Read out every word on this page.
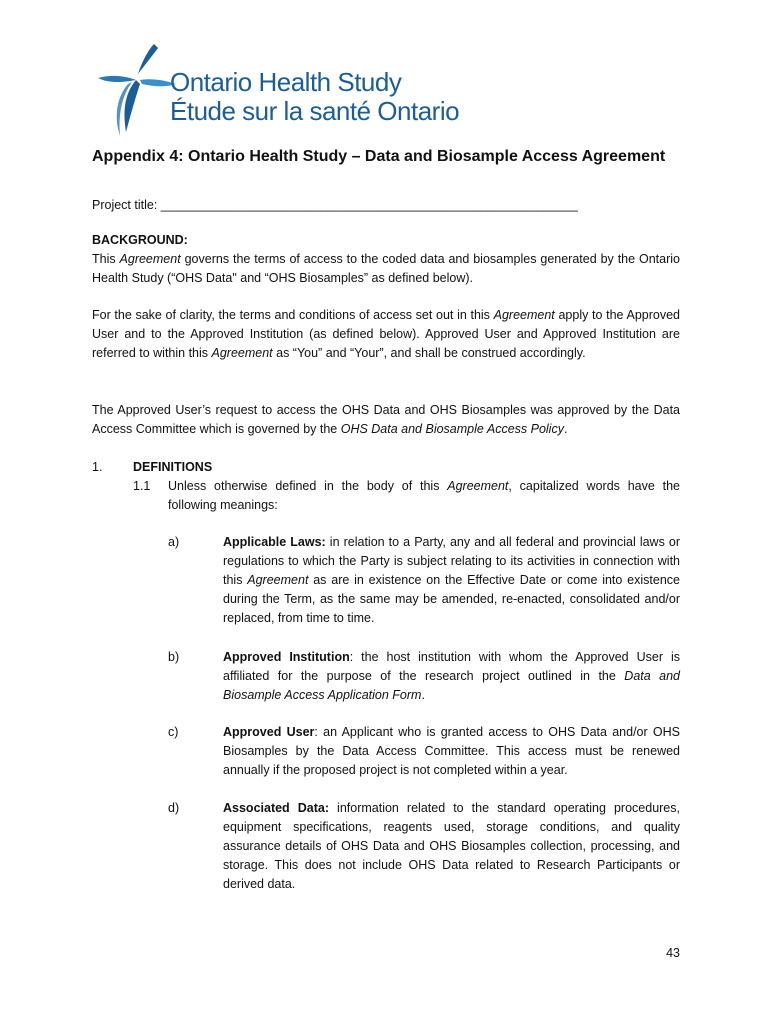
Ontario Health Study
Étude sur la santé Ontario
Appendix 4: Ontario Health Study – Data and Biosample Access Agreement
Project title: ____________________________________________________________
BACKGROUND:
This Agreement governs the terms of access to the coded data and biosamples generated by the Ontario Health Study (“OHS Data" and “OHS Biosamples” as defined below).
For the sake of clarity, the terms and conditions of access set out in this Agreement apply to the Approved User and to the Approved Institution (as defined below). Approved User and Approved Institution are referred to within this Agreement as “You” and “Your”, and shall be construed accordingly.
The Approved User’s request to access the OHS Data and OHS Biosamples was approved by the Data Access Committee which is governed by the OHS Data and Biosample Access Policy.
1. DEFINITIONS
1.1 Unless otherwise defined in the body of this Agreement, capitalized words have the following meanings:
a)	Applicable Laws: in relation to a Party, any and all federal and provincial laws or regulations to which the Party is subject relating to its activities in connection with this Agreement as are in existence on the Effective Date or come into existence during the Term, as the same may be amended, re-enacted, consolidated and/or replaced, from time to time.
b)	Approved Institution: the host institution with whom the Approved User is affiliated for the purpose of the research project outlined in the Data and Biosample Access Application Form.
c)	Approved User: an Applicant who is granted access to OHS Data and/or OHS Biosamples by the Data Access Committee. This access must be renewed annually if the proposed project is not completed within a year.
d)	Associated Data: information related to the standard operating procedures, equipment specifications, reagents used, storage conditions, and quality assurance details of OHS Data and OHS Biosamples collection, processing, and storage. This does not include OHS Data related to Research Participants or derived data.
43
